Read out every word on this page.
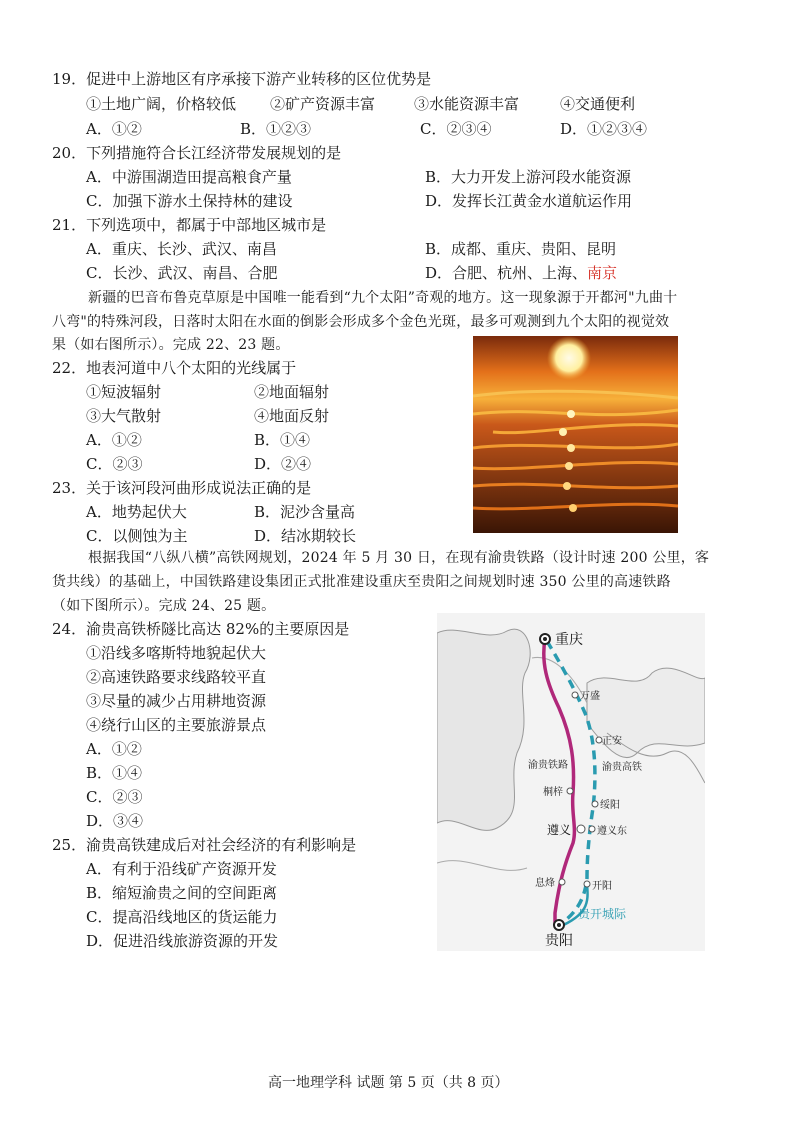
19．促进中上游地区有序承接下游产业转移的区位优势是
①土地广阔，价格较低 ②矿产资源丰富	③水能资源丰富	④交通便利
A．①②	B．①②③	C．②③④	D．①②③④
20．下列措施符合长江经济带发展规划的是
A．中游围湖造田提高粮食产量	B．大力开发上游河段水能资源
C．加强下游水土保持林的建设	D．发挥长江黄金水道航运作用
21．下列选项中，都属于中部地区城市是
A．重庆、长沙、武汉、南昌	B．成都、重庆、贵阳、昆明
C．长沙、武汉、南昌、合肥	D．合肥、杭州、上海、南京
新疆的巴音布鲁克草原是中国唯一能看到“九个太阳”奇观的地方。这一现象源于开都河"九曲十
八弯"的特殊河段，日落时太阳在水面的倒影会形成多个金色光斑，最多可观测到九个太阳的视觉效
果（如右图所示）。完成 22、23 题。
22．地表河道中八个太阳的光线属于
①短波辐射	②地面辐射
③大气散射	④地面反射
A．①②	B．①④
C．②③	D．②④
23．关于该河段河曲形成说法正确的是
A．地势起伏大	B．泥沙含量高
C．以侧蚀为主	D．结冰期较长
根据我国“八纵八横”高铁网规划，2024 年 5 月 30 日，在现有渝贵铁路（设计时速 200 公里，客
货共线）的基础上，中国铁路建设集团正式批准建设重庆至贵阳之间规划时速 350 公里的高速铁路
（如下图所示）。完成 24、25 题。
24．渝贵高铁桥隧比高达 82%的主要原因是
①沿线多喀斯特地貌起伏大
②高速铁路要求线路较平直
③尽量的减少占用耕地资源
④绕行山区的主要旅游景点
A．①②
B．①④
C．②③
D．③④
25．渝贵高铁建成后对社会经济的有利影响是
A．有利于沿线矿产资源开发
B．缩短渝贵之间的空间距离
C．提高沿线地区的货运能力
D．促进沿线旅游资源的开发
重庆
万盛
正安
渝贵铁路	渝贵高铁
桐梓
绥阳
遵义	遵义东
息烽	开阳
贵开城际
贵阳
高一地理学科 试题 第 5 页（共 8 页）
